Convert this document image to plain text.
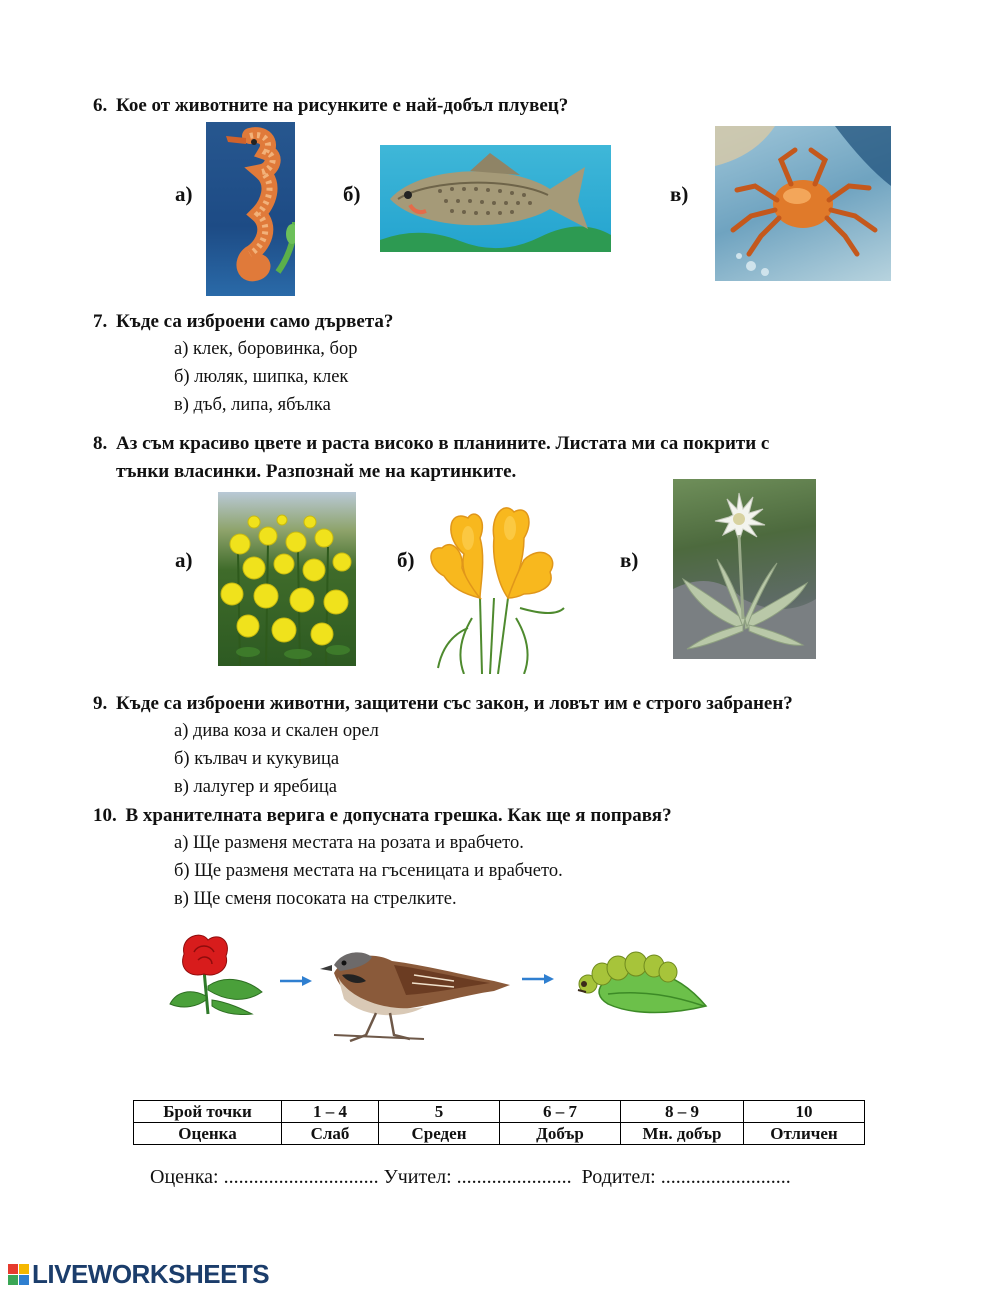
6. Кое от животните на рисунките е най-добъл плувец?
а)	б)	в)
7. Къде са изброени само дървета?
а) клек, боровинка, бор
б) люляк, шипка, клек
в) дъб, липа, ябълка
8. Аз съм красиво цвете и раста високо в планините. Листата ми са покрити с
тънки власинки. Разпознай ме на картинките.
а)	б)	в)
9. Къде са изброени животни, защитени със закон, и ловът им е строго забранен?
а) дива коза и скален орел
б) кълвач и кукувица
в) лалугер и яребица
10. В хранителната верига е допусната грешка. Как ще я поправя?
а) Ще разменя местата на розата и врабчето.
б) Ще разменя местата на гъсеницата и врабчето.
в) Ще сменя посоката на стрелките.
Брой точки	1 – 4	5	6 – 7	8 – 9	10
Оценка	Слаб	Среден	Добър	Мн. добър	Отличен
Оценка: ............................... Учител: .......................  Родител: ..........................
LIVEWORKSHEETS
